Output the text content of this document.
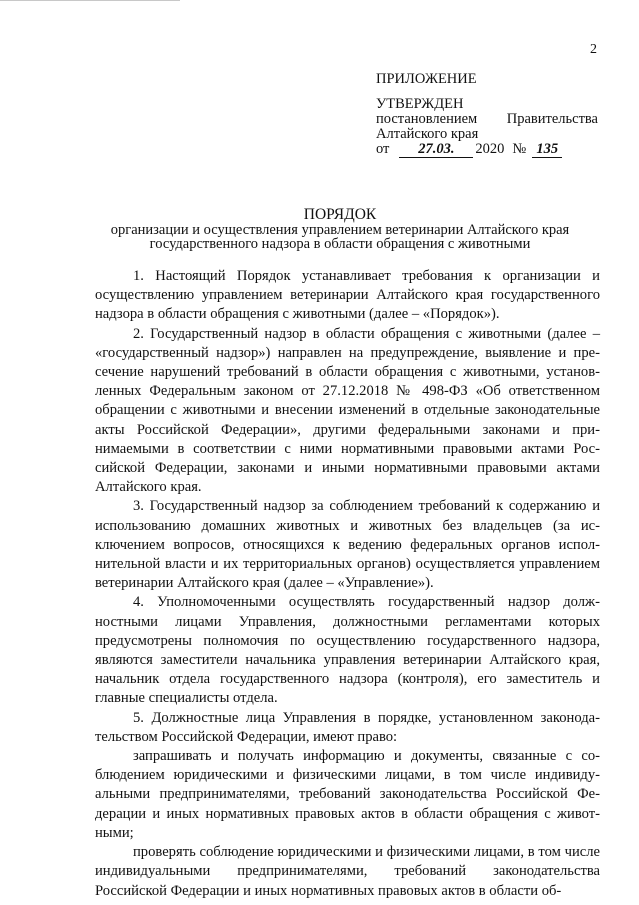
2
ПРИЛОЖЕНИЕ
УТВЕРЖДЕН
постановлением Правительства
Алтайского края
от	27.03.	2020 № 135
ПОРЯДОК
организации и осуществления управлением ветеринарии Алтайского края
государственного надзора в области обращения с животными

1. Настоящий Порядок устанавливает требования к организации и осуществлению управлением ветеринарии Алтайского края государственного надзора в области обращения с животными (далее – «Порядок»).

2. Государственный надзор в области обращения с животными (далее – «государственный надзор») направлен на предупреждение, выявление и пресечение нарушений требований в области обращения с животными, установленных Федеральным законом от 27.12.2018 № 498-ФЗ «Об ответственном обращении с животными и внесении изменений в отдельные законодательные акты Российской Федерации», другими федеральными законами и принимаемыми в соответствии с ними нормативными правовыми актами Российской Федерации, законами и иными нормативными правовыми актами Алтайского края.

3. Государственный надзор за соблюдением требований к содержанию и использованию домашних животных и животных без владельцев (за исключением вопросов, относящихся к ведению федеральных органов исполнительной власти и их территориальных органов) осуществляется управлением ветеринарии Алтайского края (далее – «Управление»).

4. Уполномоченными осуществлять государственный надзор должностными лицами Управления, должностными регламентами которых предусмотрены полномочия по осуществлению государственного надзора, являются заместители начальника управления ветеринарии Алтайского края, начальник отдела государственного надзора (контроля), его заместитель и главные специалисты отдела.

5. Должностные лица Управления в порядке, установленном законодательством Российской Федерации, имеют право:

запрашивать и получать информацию и документы, связанные с соблюдением юридическими и физическими лицами, в том числе индивидуальными предпринимателями, требований законодательства Российской Федерации и иных нормативных правовых актов в области обращения с животными;

проверять соблюдение юридическими и физическими лицами, в том числе индивидуальными предпринимателями, требований законодательства Российской Федерации и иных нормативных правовых актов в области об-
